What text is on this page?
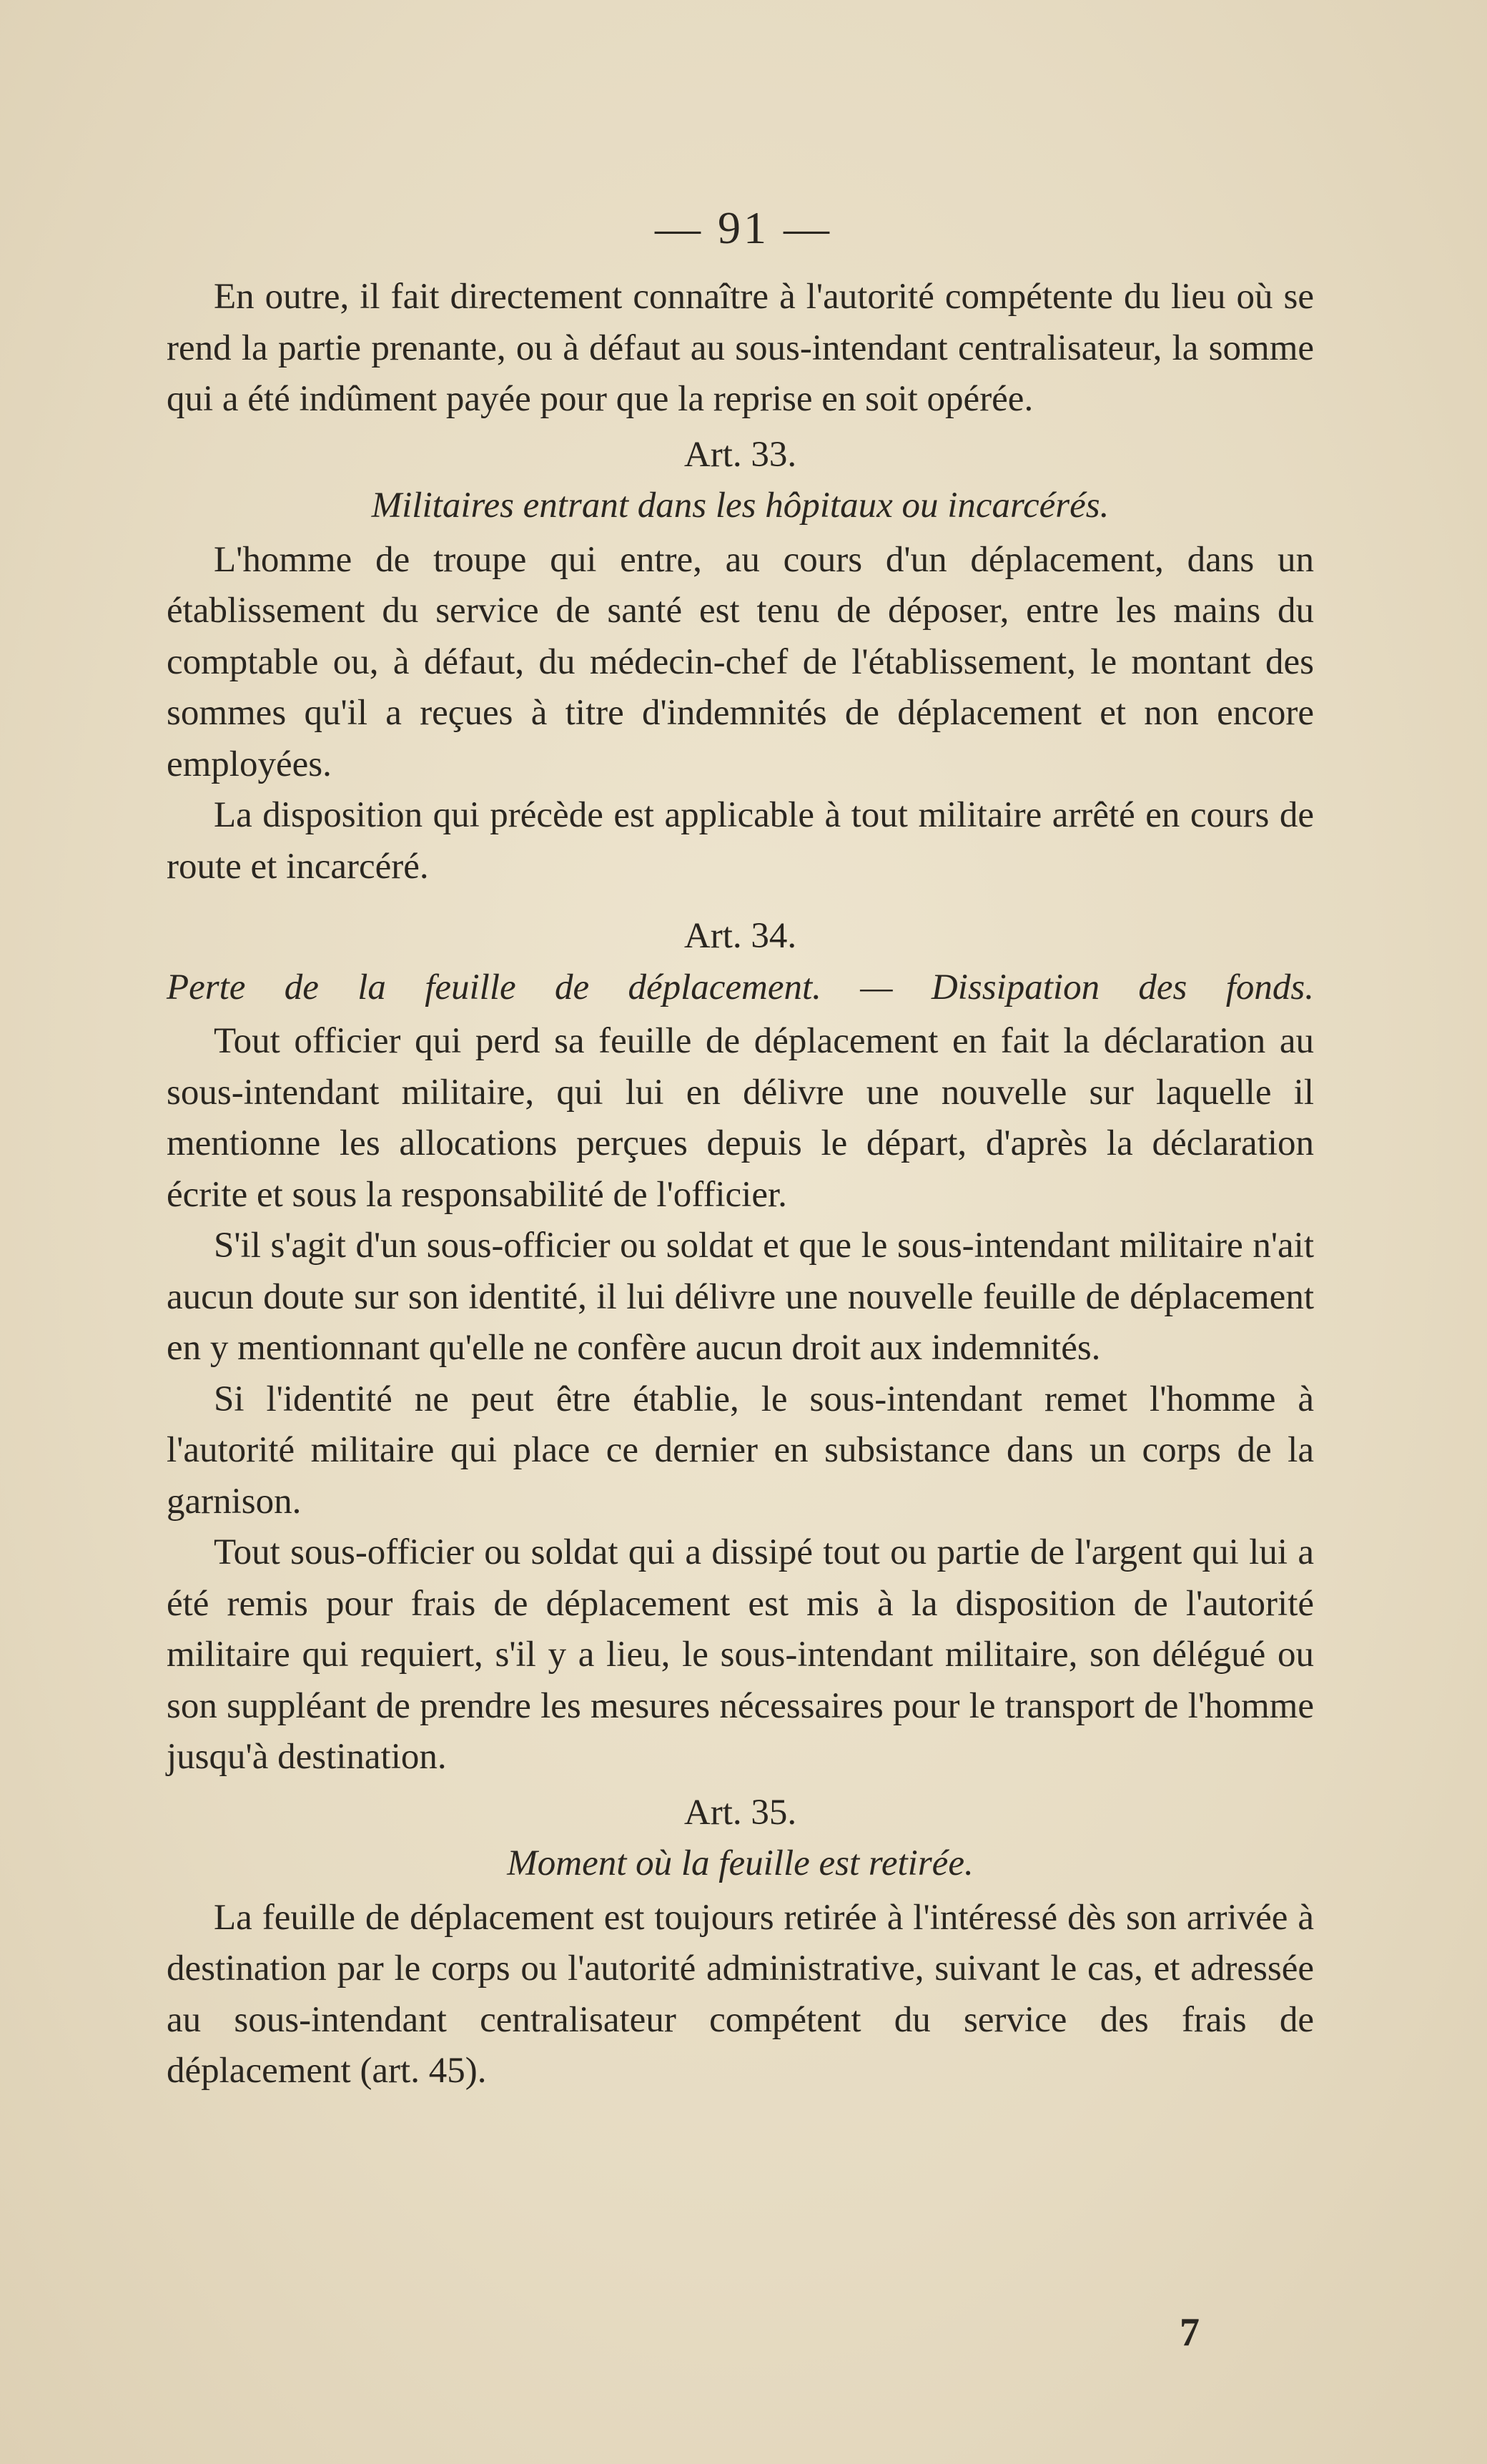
— 91 —

En outre, il fait directement connaître à l'autorité compétente du lieu où se rend la partie prenante, ou à défaut au sous-intendant centralisateur, la somme qui a été indûment payée pour que la reprise en soit opérée.

Art. 33.

Militaires entrant dans les hôpitaux ou incarcérés.

L'homme de troupe qui entre, au cours d'un déplacement, dans un établissement du service de santé est tenu de déposer, entre les mains du comptable ou, à défaut, du médecin-chef de l'établissement, le montant des sommes qu'il a reçues à titre d'indemnités de déplacement et non encore employées.

La disposition qui précède est applicable à tout militaire arrêté en cours de route et incarcéré.

Art. 34.

Perte de la feuille de déplacement. — Dissipation des fonds.

Tout officier qui perd sa feuille de déplacement en fait la déclaration au sous-intendant militaire, qui lui en délivre une nouvelle sur laquelle il mentionne les allocations perçues depuis le départ, d'après la déclaration écrite et sous la responsabilité de l'officier.

S'il s'agit d'un sous-officier ou soldat et que le sous-intendant militaire n'ait aucun doute sur son identité, il lui délivre une nouvelle feuille de déplacement en y mentionnant qu'elle ne confère aucun droit aux indemnités.

Si l'identité ne peut être établie, le sous-intendant remet l'homme à l'autorité militaire qui place ce dernier en subsistance dans un corps de la garnison.

Tout sous-officier ou soldat qui a dissipé tout ou partie de l'argent qui lui a été remis pour frais de déplacement est mis à la disposition de l'autorité militaire qui requiert, s'il y a lieu, le sous-intendant militaire, son délégué ou son suppléant de prendre les mesures nécessaires pour le transport de l'homme jusqu'à destination.

Art. 35.

Moment où la feuille est retirée.

La feuille de déplacement est toujours retirée à l'intéressé dès son arrivée à destination par le corps ou l'autorité administrative, suivant le cas, et adressée au sous-intendant centralisateur compétent du service des frais de déplacement (art. 45).

7
